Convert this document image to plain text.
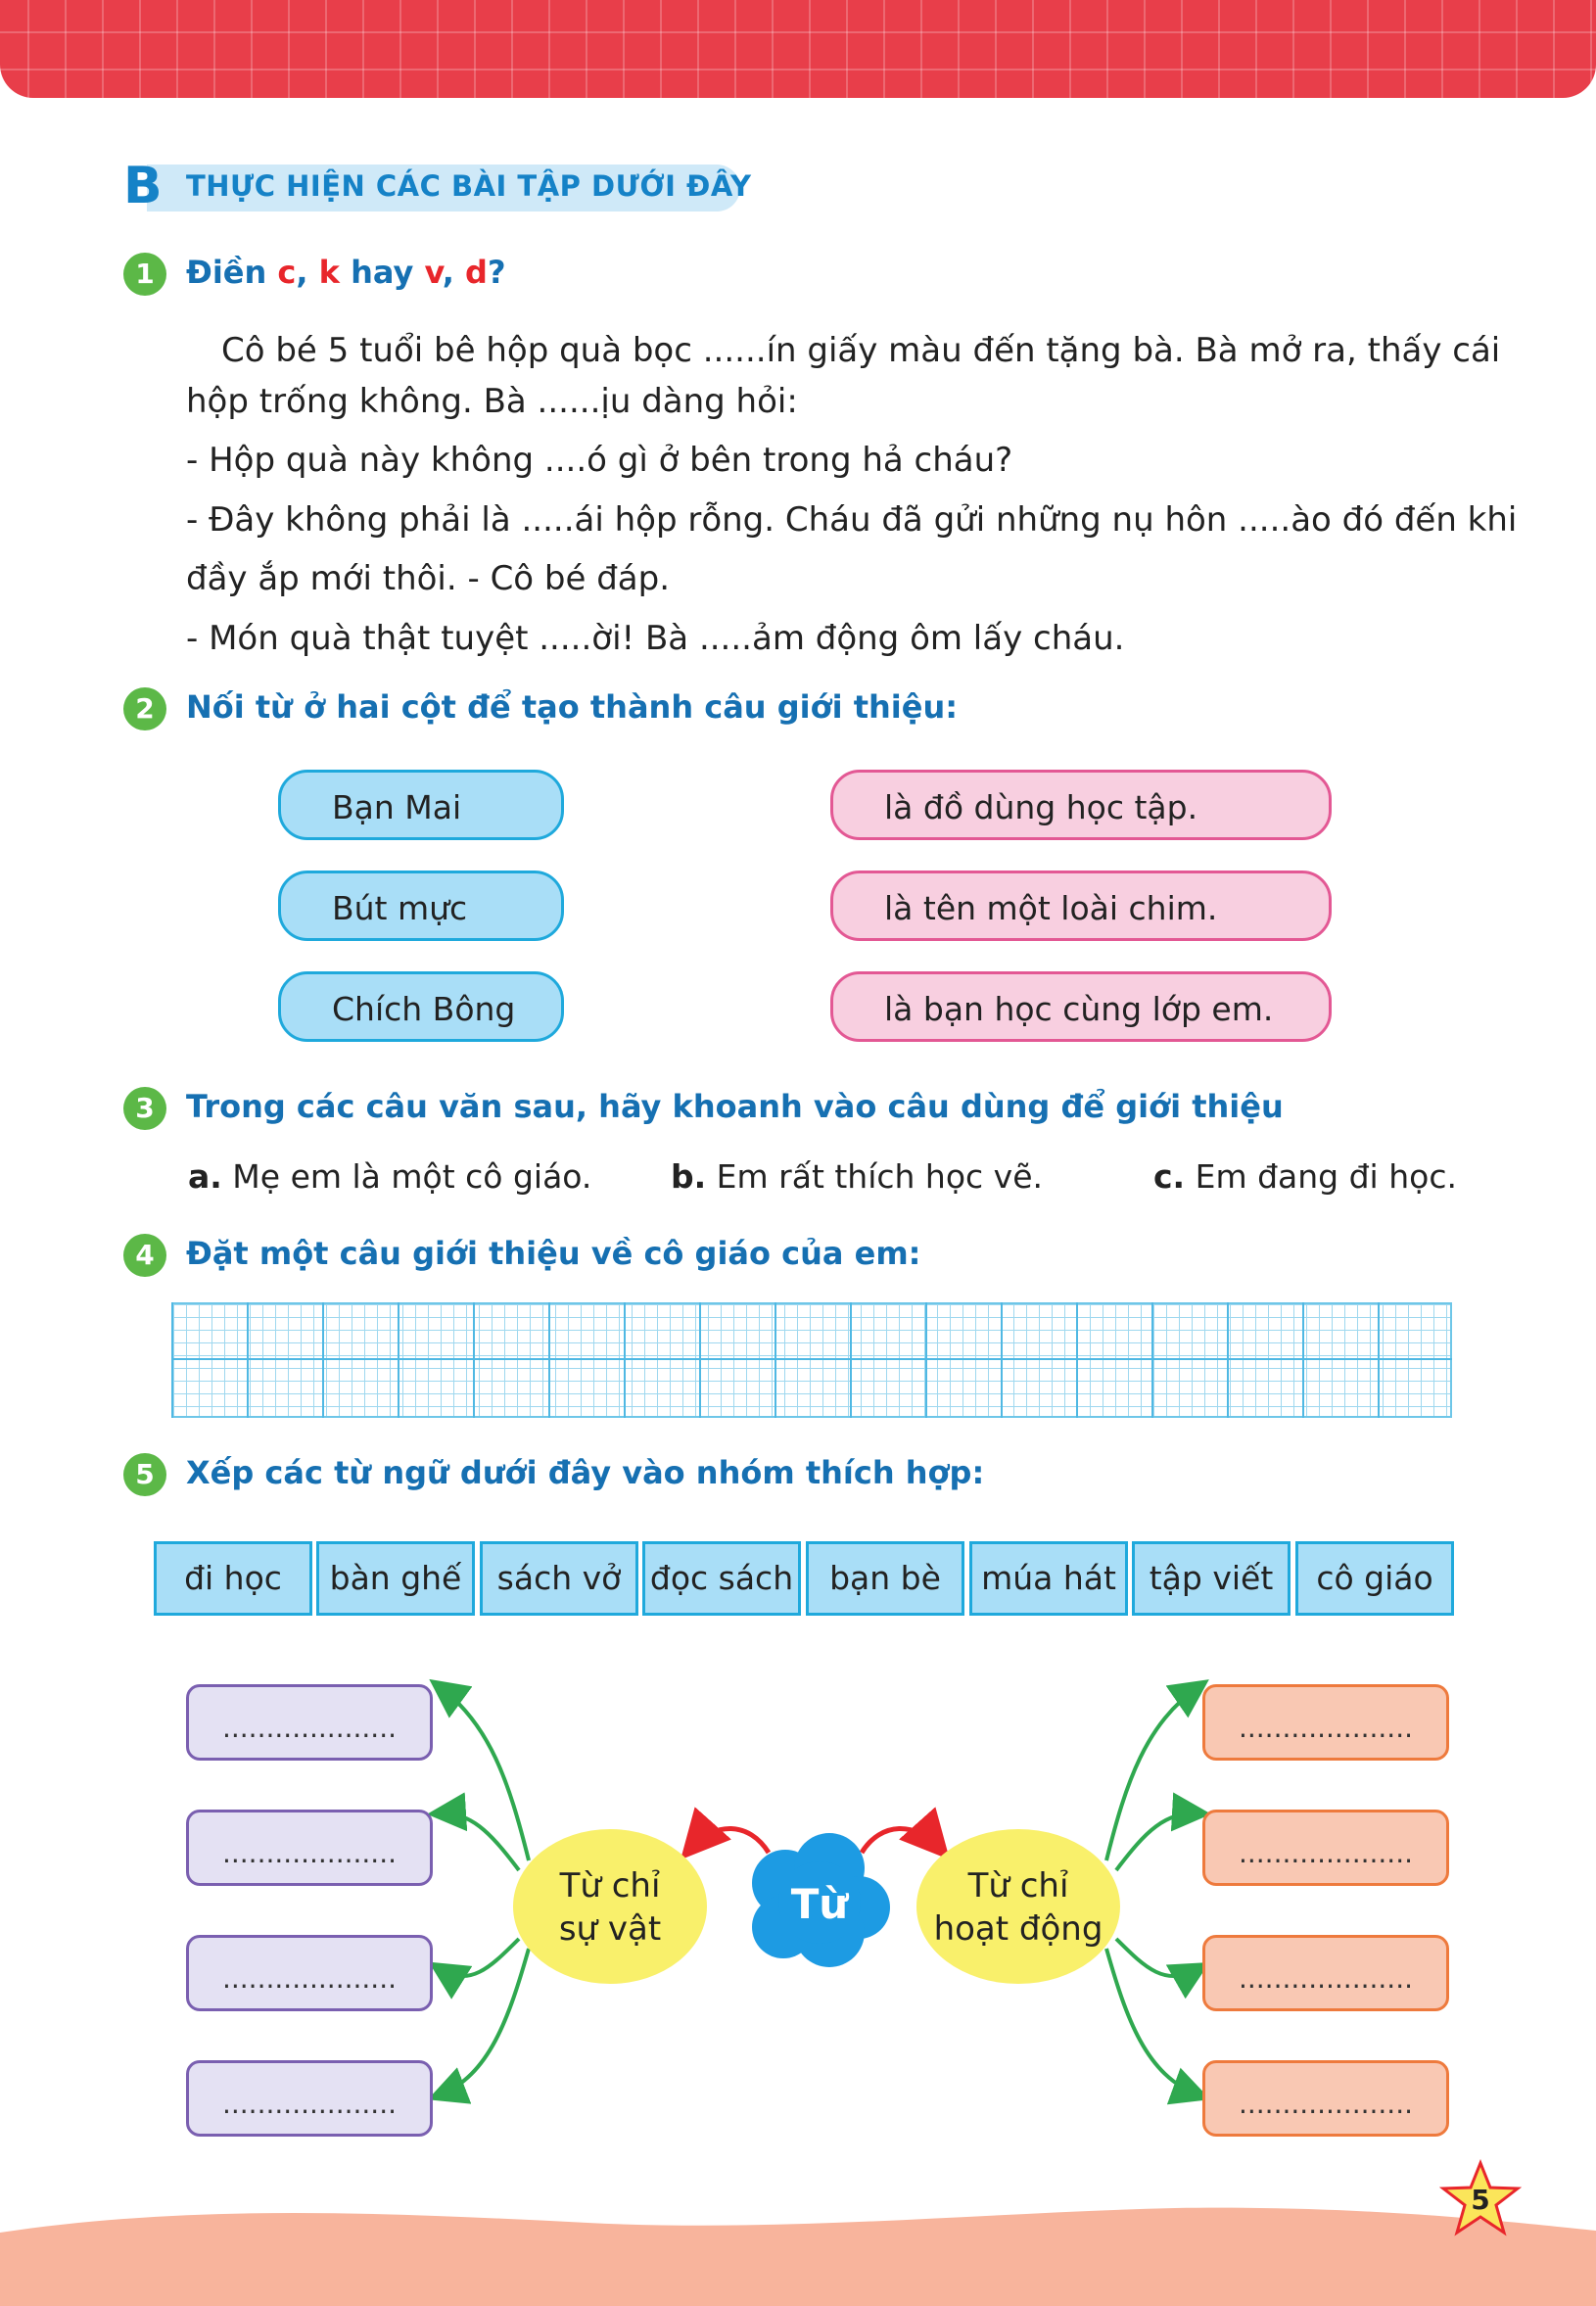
B THỰC HIỆN CÁC BÀI TẬP DƯỚI ĐÂY
1	Điền c, k hay v, d?
Cô bé 5 tuổi bê hộp quà bọc ......ín giấy màu đến tặng bà. Bà mở ra, thấy cái
hộp trống không. Bà ......ịu dàng hỏi:
- Hộp quà này không ....ó gì ở bên trong hả cháu?
- Đây không phải là .....ái hộp rỗng. Cháu đã gửi những nụ hôn .....ào đó đến khi
đầy ắp mới thôi. - Cô bé đáp.
- Món quà thật tuyệt .....ời! Bà .....ảm động ôm lấy cháu.
2	Nối từ ở hai cột để tạo thành câu giới thiệu:
Bạn Mai
Bút mực
Chích Bông
là đồ dùng học tập.
là tên một loài chim.
là bạn học cùng lớp em.
3	Trong các câu văn sau, hãy khoanh vào câu dùng để giới thiệu
a. Mẹ em là một cô giáo. b. Em rất thích học vẽ.	c. Em đang đi học.
4	Đặt một câu giới thiệu về cô giáo của em:
5	Xếp các từ ngữ dưới đây vào nhóm thích hợp:
đi học	bàn ghế	sách vở đọc sách	bạn bè	múa hát	tập viết	cô giáo
....................
....................
....................
....................
....................
....................
....................
....................
Từ chỉ
sự vật
Từ chỉ
hoạt động
Từ
5
